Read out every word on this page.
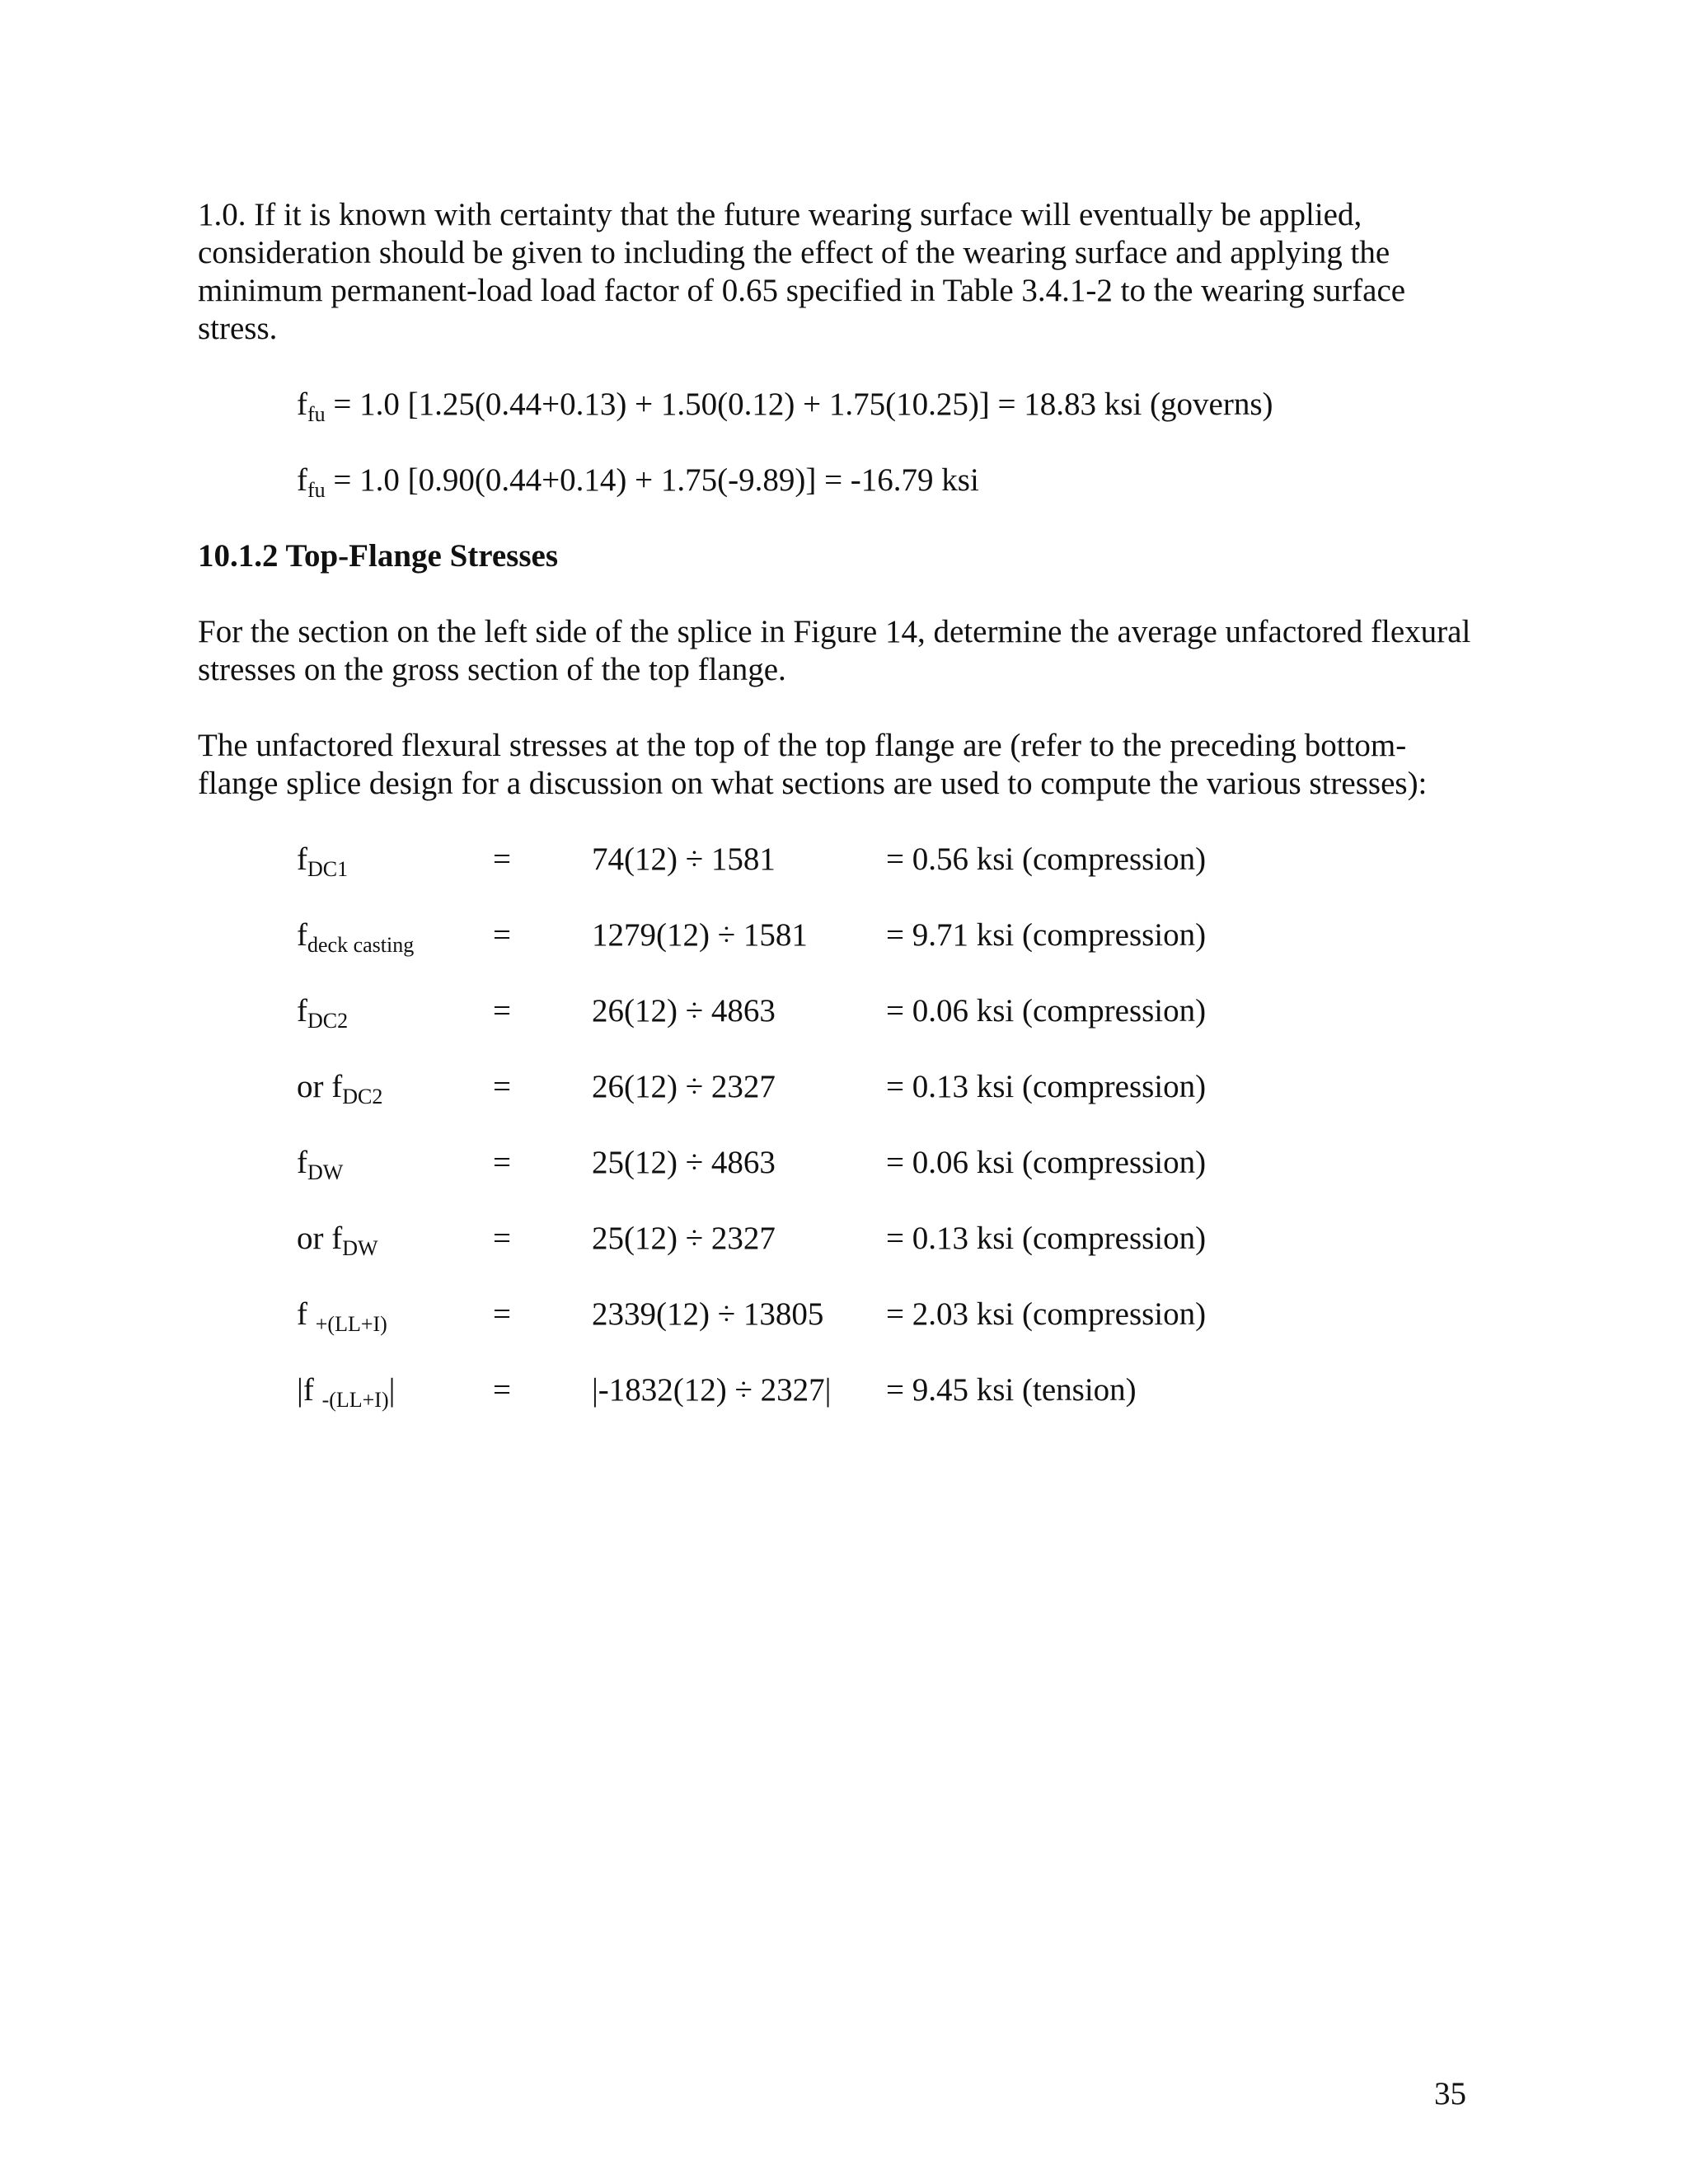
1.0. If it is known with certainty that the future wearing surface will eventually be applied, consideration should be given to including the effect of the wearing surface and applying the minimum permanent-load load factor of 0.65 specified in Table 3.4.1-2 to the wearing surface stress.

$f_{fu} = 1.0$ [1.25(0.44+0.13) + 1.50(0.12) + 1.75(10.25)] = 18.83 ksi (governs)
$f_{fu} = 1.0$ [0.90(0.44+0.14) + 1.75(-9.89)] = -16.79 ksi
10.1.2 Top-Flange Stresses

For the section on the left side of the splice in Figure 14, determine the average unfactored flexural stresses on the gross section of the top flange.

The unfactored flexural stresses at the top of the top flange are (refer to the preceding bottom-flange splice design for a discussion on what sections are used to compute the various stresses):

$f_{DC1}$	=	74(12) ÷ 1581	= 0.56 ksi (compression)
$f_{deck casting}$ =	1279(12) ÷ 1581 = 9.71 ksi (compression)
$f_{DC2}$	=	26(12) ÷ 4863	= 0.06 ksi (compression)
or $f_{DC2}$	=	26(12) ÷ 2327	= 0.13 ksi (compression)
$f_{DW}$	=	25(12) ÷ 4863	= 0.06 ksi (compression)
or $f_{DW}$	=	25(12) ÷ 2327	= 0.13 ksi (compression)
f $_{+(LL+I)}$	=	2339(12) ÷ 13805 = 2.03 ksi (compression)
|f $_{-(LL+I)}$|	=	|-1832(12) ÷ 2327| = 9.45 ksi (tension)
35
